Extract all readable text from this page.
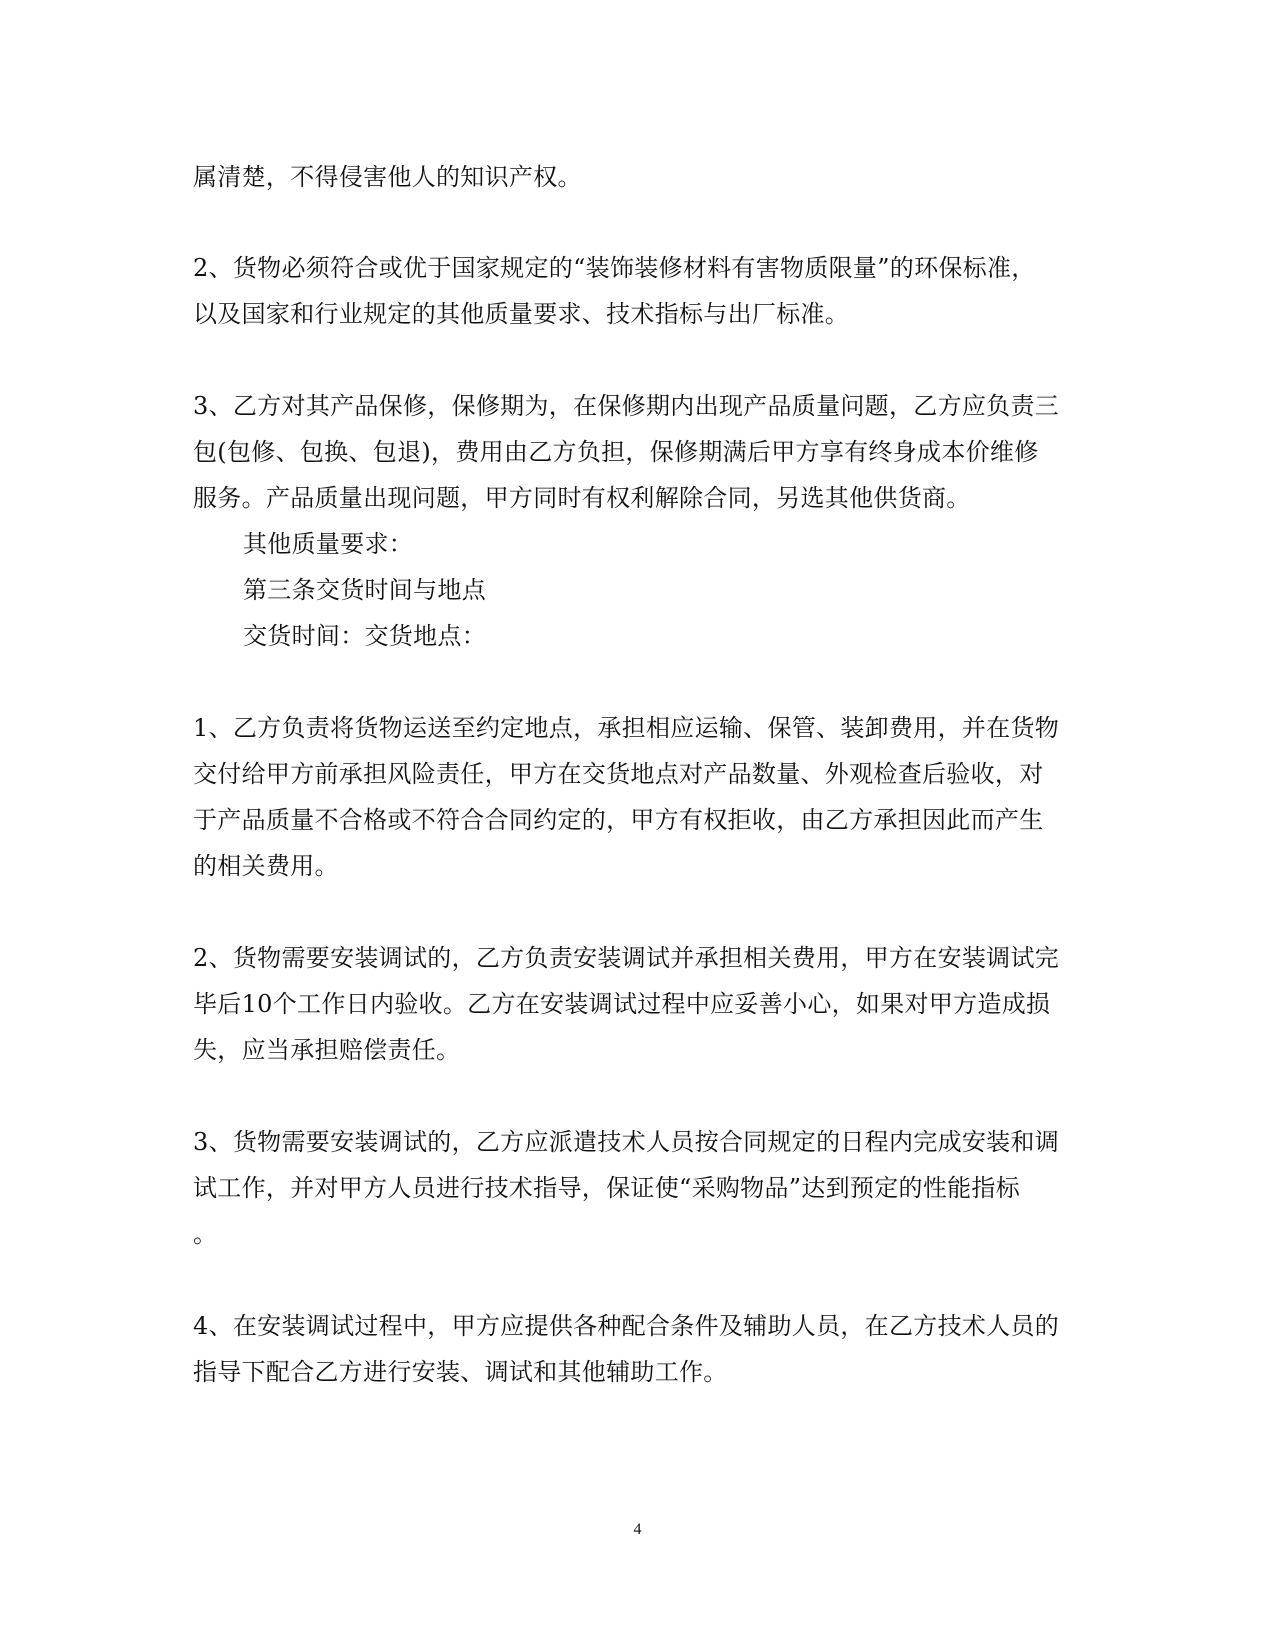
属清楚，不得侵害他人的知识产权。
2、货物必须符合或优于国家规定的“装饰装修材料有害物质限量”的环保标准，
以及国家和行业规定的其他质量要求、技术指标与出厂标准。
3、乙方对其产品保修，保修期为，在保修期内出现产品质量问题，乙方应负责三
包(包修、包换、包退)，费用由乙方负担，保修期满后甲方享有终身成本价维修
服务。产品质量出现问题，甲方同时有权利解除合同，另选其他供货商。
其他质量要求：
第三条交货时间与地点
交货时间：交货地点：
1、乙方负责将货物运送至约定地点，承担相应运输、保管、装卸费用，并在货物
交付给甲方前承担风险责任，甲方在交货地点对产品数量、外观检查后验收，对
于产品质量不合格或不符合合同约定的，甲方有权拒收，由乙方承担因此而产生
的相关费用。
2、货物需要安装调试的，乙方负责安装调试并承担相关费用，甲方在安装调试完
毕后10个工作日内验收。乙方在安装调试过程中应妥善小心，如果对甲方造成损
失，应当承担赔偿责任。
3、货物需要安装调试的，乙方应派遣技术人员按合同规定的日程内完成安装和调
试工作，并对甲方人员进行技术指导，保证使“采购物品”达到预定的性能指标
。
4、在安装调试过程中，甲方应提供各种配合条件及辅助人员，在乙方技术人员的
指导下配合乙方进行安装、调试和其他辅助工作。
4
